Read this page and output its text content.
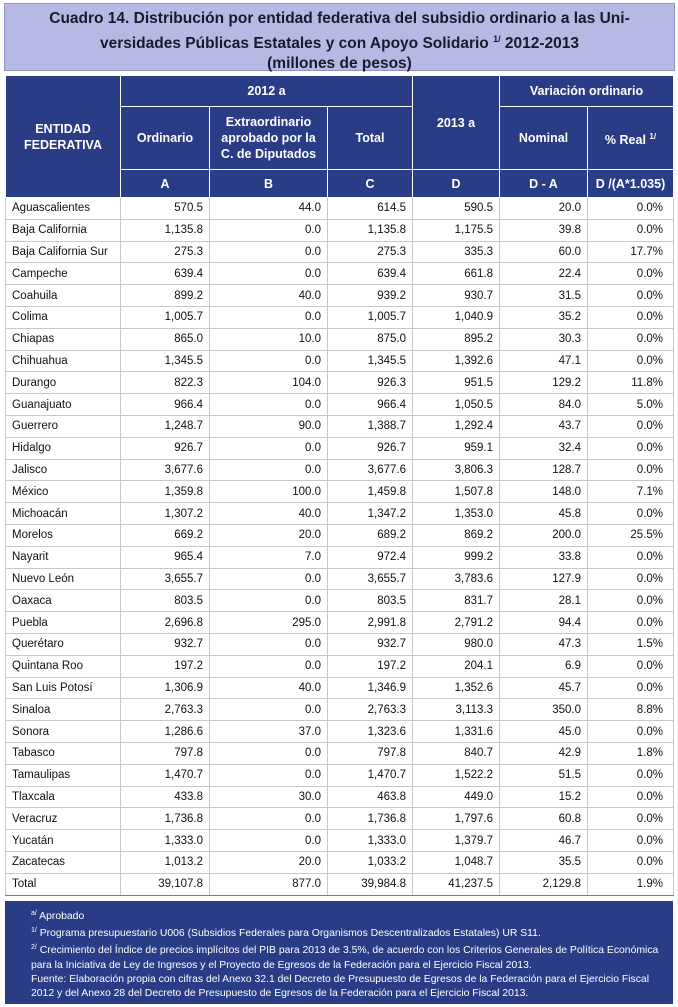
Cuadro 14. Distribución por entidad federativa del subsidio ordinario a las Uni-
versidades Públicas Estatales y con Apoyo Solidario $^{1/}$ 2012-2013
(millones de pesos)
ENTIDAD FEDERATIVA	2012 a			2013 a	Variación ordinario	
	Ordinario	Extraordinario aprobado por la C. de Diputados	Total		Nominal	% Real $^{1/}$
	A	B	C	D	D - A	D /(A*1.035)
Aguascalientes	570.5	44.0	614.5	590.5	20.0	0.0%
Baja California	1,135.8	0.0	1,135.8	1,175.5	39.8	0.0%
Baja California Sur	275.3	0.0	275.3	335.3	60.0	17.7%
Campeche	639.4	0.0	639.4	661.8	22.4	0.0%
Coahuila	899.2	40.0	939.2	930.7	31.5	0.0%
Colima	1,005.7	0.0	1,005.7	1,040.9	35.2	0.0%
Chiapas	865.0	10.0	875.0	895.2	30.3	0.0%
Chihuahua	1,345.5	0.0	1,345.5	1,392.6	47.1	0.0%
Durango	822.3	104.0	926.3	951.5	129.2	11.8%
Guanajuato	966.4	0.0	966.4	1,050.5	84.0	5.0%
Guerrero	1,248.7	90.0	1,388.7	1,292.4	43.7	0.0%
Hidalgo	926.7	0.0	926.7	959.1	32.4	0.0%
Jalisco	3,677.6	0.0	3,677.6	3,806.3	128.7	0.0%
México	1,359.8	100.0	1,459.8	1,507.8	148.0	7.1%
Michoacán	1,307.2	40.0	1,347.2	1,353.0	45.8	0.0%
Morelos	669.2	20.0	689.2	869.2	200.0	25.5%
Nayarit	965.4	7.0	972.4	999.2	33.8	0.0%
Nuevo León	3,655.7	0.0	3,655.7	3,783.6	127.9	0.0%
Oaxaca	803.5	0.0	803.5	831.7	28.1	0.0%
Puebla	2,696.8	295.0	2,991.8	2,791.2	94.4	0.0%
Querétaro	932.7	0.0	932.7	980.0	47.3	1.5%
Quintana Roo	197.2	0.0	197.2	204.1	6.9	0.0%
San Luis Potosí	1,306.9	40.0	1,346.9	1,352.6	45.7	0.0%
Sinaloa	2,763.3	0.0	2,763.3	3,113.3	350.0	8.8%
Sonora	1,286.6	37.0	1,323.6	1,331.6	45.0	0.0%
Tabasco	797.8	0.0	797.8	840.7	42.9	1.8%
Tamaulipas	1,470.7	0.0	1,470.7	1,522.2	51.5	0.0%
Tlaxcala	433.8	30.0	463.8	449.0	15.2	0.0%
Veracruz	1,736.8	0.0	1,736.8	1,797.6	60.8	0.0%
Yucatán	1,333.0	0.0	1,333.0	1,379.7	46.7	0.0%
Zacatecas	1,013.2	20.0	1,033.2	1,048.7	35.5	0.0%
Total	39,107.8	877.0	39,984.8	41,237.5	2,129.8	1.9%

$^{a/}$ Aprobado

$^{1/}$ Programa presupuestario U006 (Subsidios Federales para Organismos Descentralizados Estatales) UR S11.

$^{2/}$ Crecimiento del Índice de precios implícitos del PIB para 2013 de 3.5%, de acuerdo con los Criterios Generales de Política Económica para la Iniciativa de Ley de Ingresos y el Proyecto de Egresos de la Federación para el Ejercicio Fiscal 2013.

Fuente: Elaboración propia con cifras del Anexo 32.1 del Decreto de Presupuesto de Egresos de la Federación para el Ejercicio Fiscal 2012 y del Anexo 28 del Decreto de Presupuesto de Egresos de la Federación para el Ejercicio Fiscal 2013.
